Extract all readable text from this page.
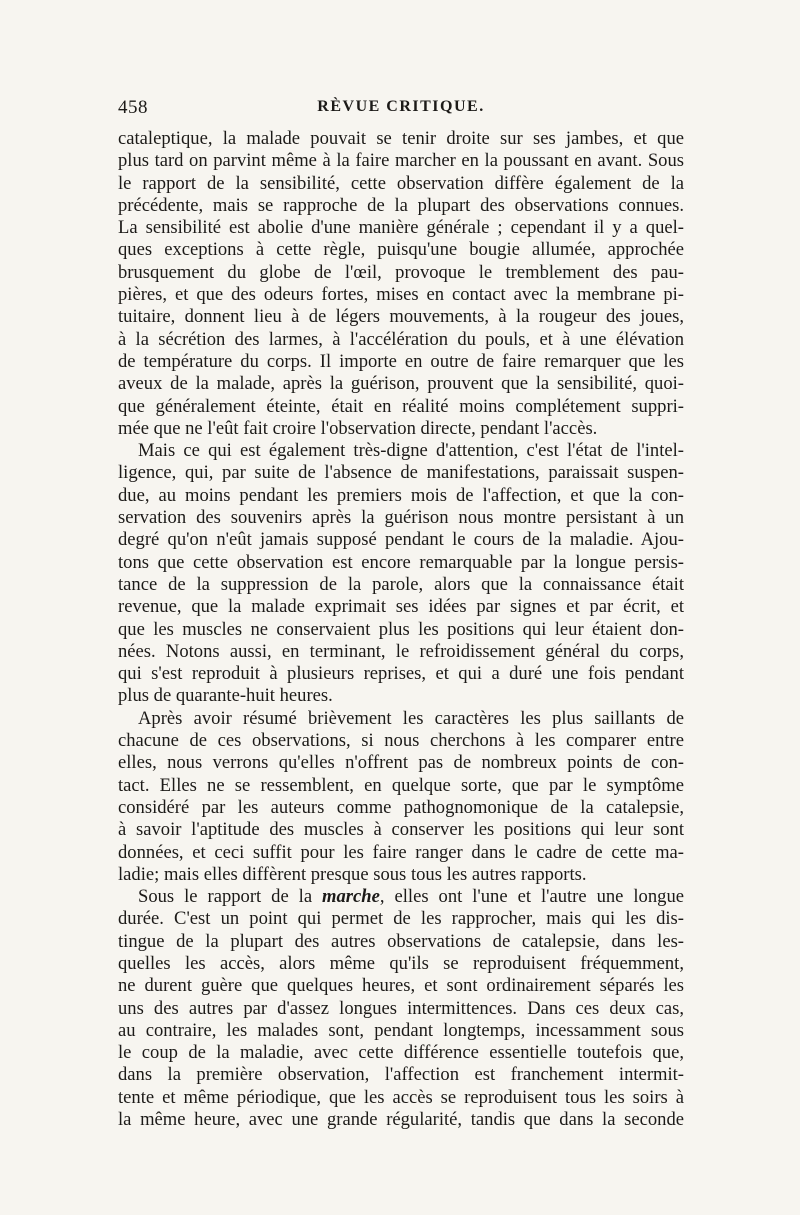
458	RÈVUE CRITIQUE.

cataleptique, la malade pouvait se tenir droite sur ses jambes, et que
plus tard on parvint même à la faire marcher en la poussant en avant. Sous
le rapport de la sensibilité, cette observation diffère également de la
précédente, mais se rapproche de la plupart des observations connues.
La sensibilité est abolie d'une manière générale ; cependant il y a quel-
ques exceptions à cette règle, puisqu'une bougie allumée, approchée
brusquement du globe de l'œil, provoque le tremblement des pau-
pières, et que des odeurs fortes, mises en contact avec la membrane pi-
tuitaire, donnent lieu à de légers mouvements, à la rougeur des joues,
à la sécrétion des larmes, à l'accélération du pouls, et à une élévation
de température du corps. Il importe en outre de faire remarquer que les
aveux de la malade, après la guérison, prouvent que la sensibilité, quoi-
que généralement éteinte, était en réalité moins complétement suppri-
mée que ne l'eût fait croire l'observation directe, pendant l'accès.

Mais ce qui est également très-digne d'attention, c'est l'état de l'intel-
ligence, qui, par suite de l'absence de manifestations, paraissait suspen-
due, au moins pendant les premiers mois de l'affection, et que la con-
servation des souvenirs après la guérison nous montre persistant à un
degré qu'on n'eût jamais supposé pendant le cours de la maladie. Ajou-
tons que cette observation est encore remarquable par la longue persis-
tance de la suppression de la parole, alors que la connaissance était
revenue, que la malade exprimait ses idées par signes et par écrit, et
que les muscles ne conservaient plus les positions qui leur étaient don-
nées. Notons aussi, en terminant, le refroidissement général du corps,
qui s'est reproduit à plusieurs reprises, et qui a duré une fois pendant
plus de quarante-huit heures.

Après avoir résumé brièvement les caractères les plus saillants de
chacune de ces observations, si nous cherchons à les comparer entre
elles, nous verrons qu'elles n'offrent pas de nombreux points de con-
tact. Elles ne se ressemblent, en quelque sorte, que par le symptôme
considéré par les auteurs comme pathognomonique de la catalepsie,
à savoir l'aptitude des muscles à conserver les positions qui leur sont
données, et ceci suffit pour les faire ranger dans le cadre de cette ma-
ladie; mais elles diffèrent presque sous tous les autres rapports.

Sous le rapport de la marche, elles ont l'une et l'autre une longue
durée. C'est un point qui permet de les rapprocher, mais qui les dis-
tingue de la plupart des autres observations de catalepsie, dans les-
quelles les accès, alors même qu'ils se reproduisent fréquemment,
ne durent guère que quelques heures, et sont ordinairement séparés les
uns des autres par d'assez longues intermittences. Dans ces deux cas,
au contraire, les malades sont, pendant longtemps, incessamment sous
le coup de la maladie, avec cette différence essentielle toutefois que,
dans la première observation, l'affection est franchement intermit-
tente et même périodique, que les accès se reproduisent tous les soirs à
la même heure, avec une grande régularité, tandis que dans la seconde
